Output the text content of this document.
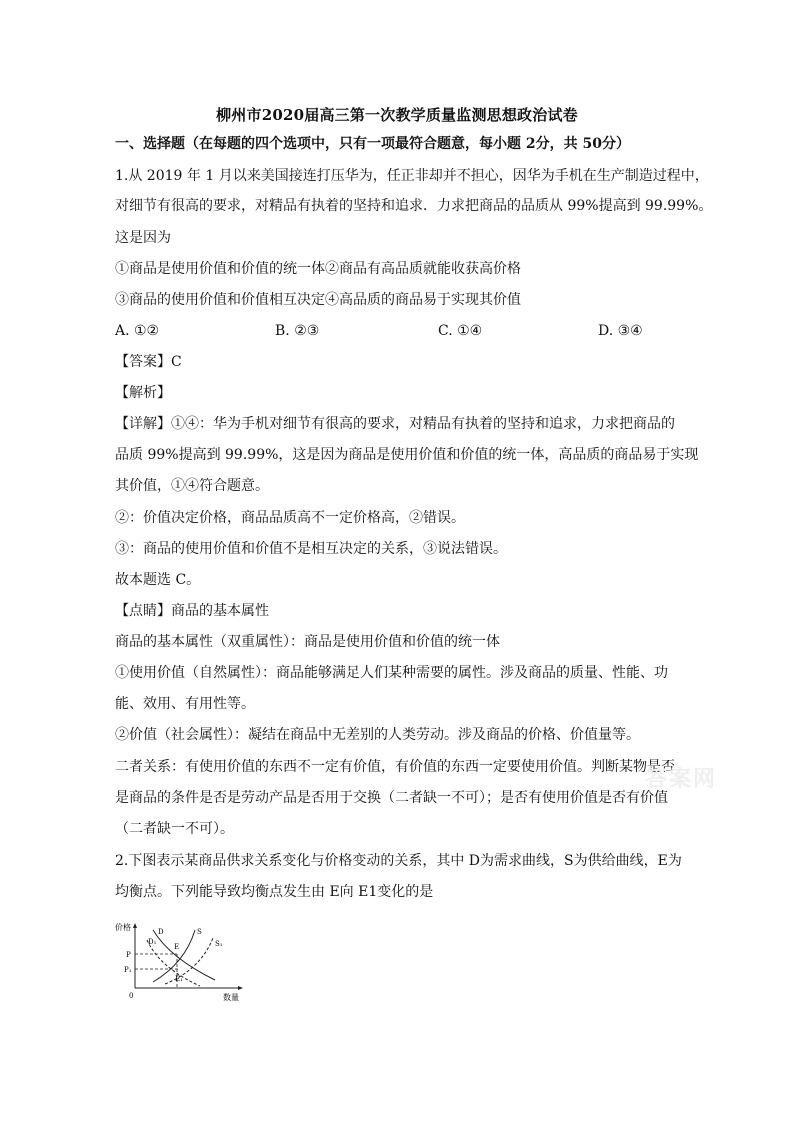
柳州市2020届高三第一次教学质量监测思想政治试卷
一、选择题（在每题的四个选项中，只有一项最符合题意，每小题 2分，共 50分）
1.从 2019 年 1 月以来美国接连打压华为，任正非却并不担心，因华为手机在生产制造过程中，
对细节有很高的要求，对精品有执着的坚持和追求．力求把商品的品质从 99%提高到 99.99%。
这是因为
①商品是使用价值和价值的统一体②商品有高品质就能收获高价格
③商品的使用价值和价值相互决定④高品质的商品易于实现其价值
A. ①②	B. ②③	C. ①④	D. ③④
【答案】C
【解析】
【详解】①④：华为手机对细节有很高的要求，对精品有执着的坚持和追求，力求把商品的
品质 99%提高到 99.99%，这是因为商品是使用价值和价值的统一体，高品质的商品易于实现
其价值，①④符合题意。
②：价值决定价格，商品品质高不一定价格高，②错误。
③：商品的使用价值和价值不是相互决定的关系，③说法错误。
故本题选 C。
【点睛】商品的基本属性
商品的基本属性（双重属性）：商品是使用价值和价值的统一体
①使用价值（自然属性）：商品能够满足人们某种需要的属性。涉及商品的质量、性能、功
能、效用、有用性等。
②价值（社会属性）：凝结在商品中无差别的人类劳动。涉及商品的价格、价值量等。
二者关系：有使用价值的东西不一定有价值，有价值的东西一定要使用价值。判断某物是否
是商品的条件是否是劳动产品是否用于交换（二者缺一不可）；是否有使用价值是否有价值
（二者缺一不可）。
2.下图表示某商品供求关系变化与价格变动的关系，其中 D为需求曲线，S为供给曲线，E为
均衡点。下列能导致均衡点发生由 E向 E1变化的是
答案网
价格
数量
0
P
P₁
D
D₁
S
S₁
E
E₁
